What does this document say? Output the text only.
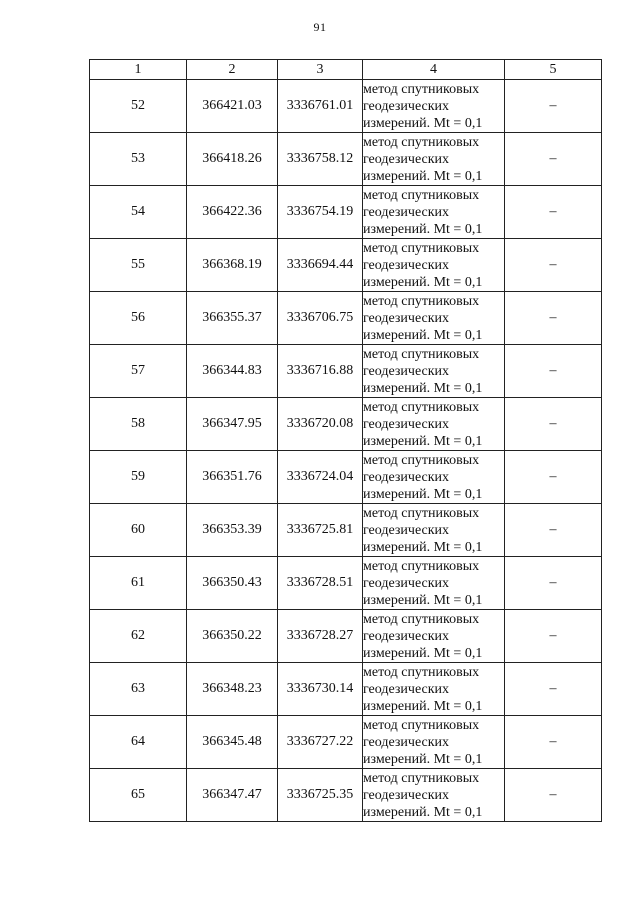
91
1	2	3	4	5
52	366421.03	3336761.01	метод спутниковых
геодезических
измерений. Mt = 0,1	–
53	366418.26	3336758.12	метод спутниковых
геодезических
измерений. Mt = 0,1	–
54	366422.36	3336754.19	метод спутниковых
геодезических
измерений. Mt = 0,1	–
55	366368.19	3336694.44	метод спутниковых
геодезических
измерений. Mt = 0,1	–
56	366355.37	3336706.75	метод спутниковых
геодезических
измерений. Mt = 0,1	–
57	366344.83	3336716.88	метод спутниковых
геодезических
измерений. Mt = 0,1	–
58	366347.95	3336720.08	метод спутниковых
геодезических
измерений. Mt = 0,1	–
59	366351.76	3336724.04	метод спутниковых
геодезических
измерений. Mt = 0,1	–
60	366353.39	3336725.81	метод спутниковых
геодезических
измерений. Mt = 0,1	–
61	366350.43	3336728.51	метод спутниковых
геодезических
измерений. Mt = 0,1	–
62	366350.22	3336728.27	метод спутниковых
геодезических
измерений. Mt = 0,1	–
63	366348.23	3336730.14	метод спутниковых
геодезических
измерений. Mt = 0,1	–
64	366345.48	3336727.22	метод спутниковых
геодезических
измерений. Mt = 0,1	–
65	366347.47	3336725.35	метод спутниковых
геодезических
измерений. Mt = 0,1	–
